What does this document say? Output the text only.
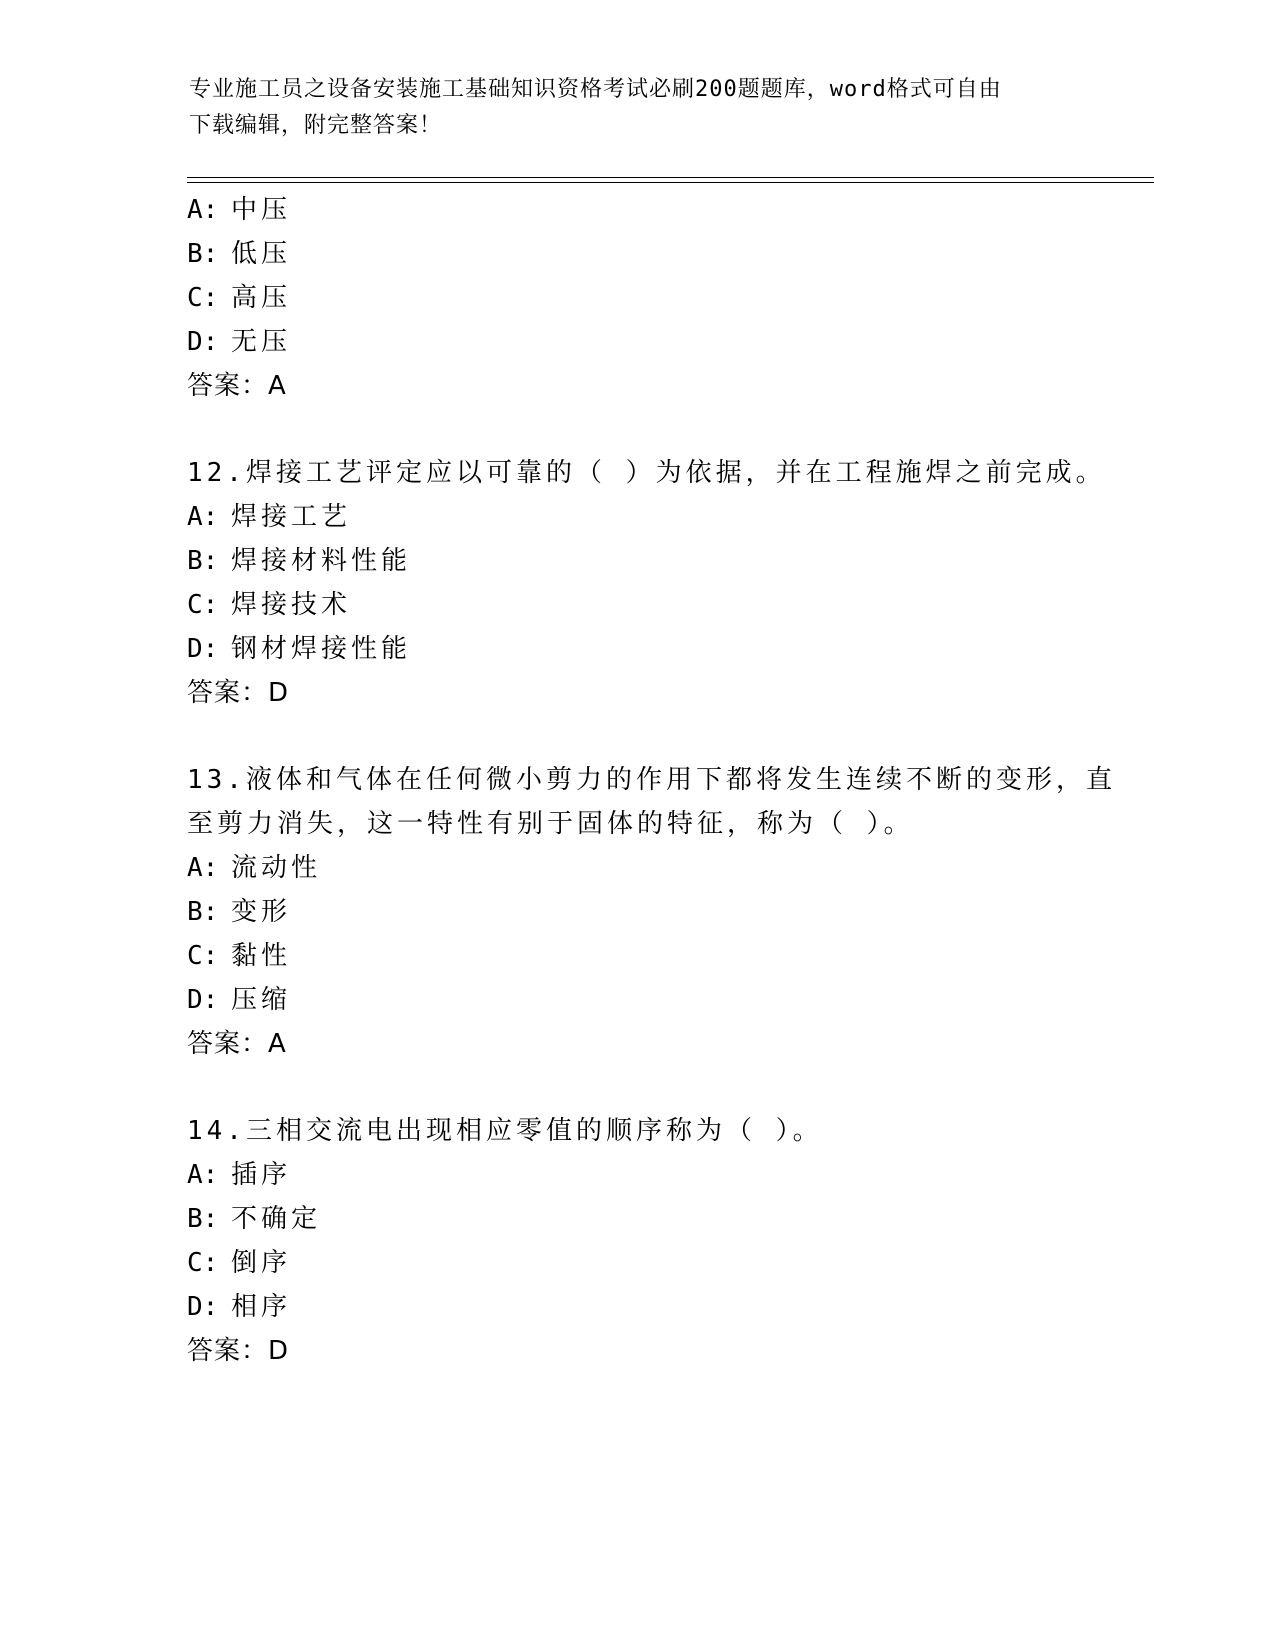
专业施工员之设备安装施工基础知识资格考试必刷200题题库，word格式可自由
下载编辑，附完整答案！
A: 中压
B: 低压
C: 高压
D: 无压
答案：A
12.焊接工艺评定应以可靠的（ ）为依据，并在工程施焊之前完成。
A: 焊接工艺
B: 焊接材料性能
C: 焊接技术
D: 钢材焊接性能
答案：D
13.液体和气体在任何微小剪力的作用下都将发生连续不断的变形，直
至剪力消失，这一特性有别于固体的特征，称为（ ）。
A: 流动性
B: 变形
C: 黏性
D: 压缩
答案：A
14.三相交流电出现相应零值的顺序称为（ ）。
A: 插序
B: 不确定
C: 倒序
D: 相序
答案：D
